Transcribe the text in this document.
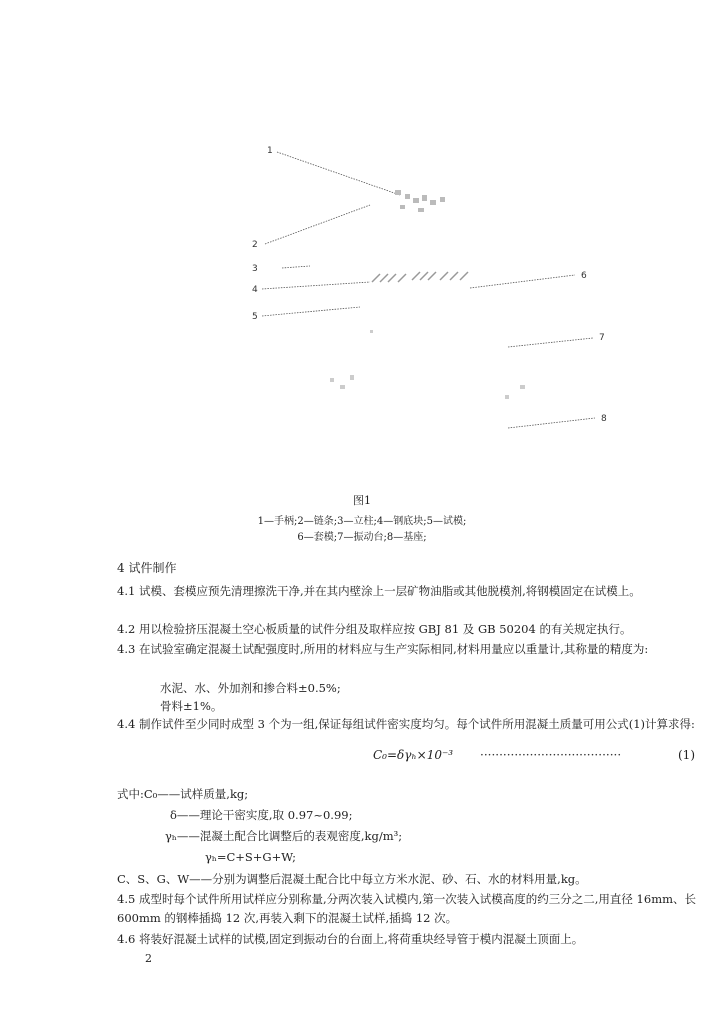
1
2
3
4
5
6
7
8
图1
1—手柄;2—链条;3—立柱;4—钢底块;5—试模;
6—套模;7—振动台;8—基座;
4 试件制作
4.1 试模、套模应预先清理擦洗干净,并在其内壁涂上一层矿物油脂或其他脱模剂,将钢模固定在试模上。
4.2 用以检验挤压混凝土空心板质量的试件分组及取样应按 GBJ 81 及 GB 50204 的有关规定执行。
4.3 在试验室确定混凝土试配强度时,所用的材料应与生产实际相同,材料用量应以重量计,其称量的精度为:
水泥、水、外加剂和掺合料±0.5%;
骨料±1%。
4.4 制作试件至少同时成型 3 个为一组,保证每组试件密实度均匀。每个试件所用混凝土质量可用公式(1)计算求得:
C₀=δγₕ×10⁻³ ·····································	(1)
式中:C₀——试样质量,kg;
δ——理论干密实度,取 0.97~0.99;
γₕ——混凝土配合比调整后的表观密度,kg/m³;
γₕ=C+S+G+W;
C、S、G、W——分别为调整后混凝土配合比中每立方米水泥、砂、石、水的材料用量,kg。
4.5 成型时每个试件所用试样应分别称量,分两次装入试模内,第一次装入试模高度的约三分之二,用直径 16mm、长 600mm 的钢棒插捣 12 次,再装入剩下的混凝土试样,插捣 12 次。
4.6 将装好混凝土试样的试模,固定到振动台的台面上,将荷重块经导管于模内混凝土顶面上。
2
